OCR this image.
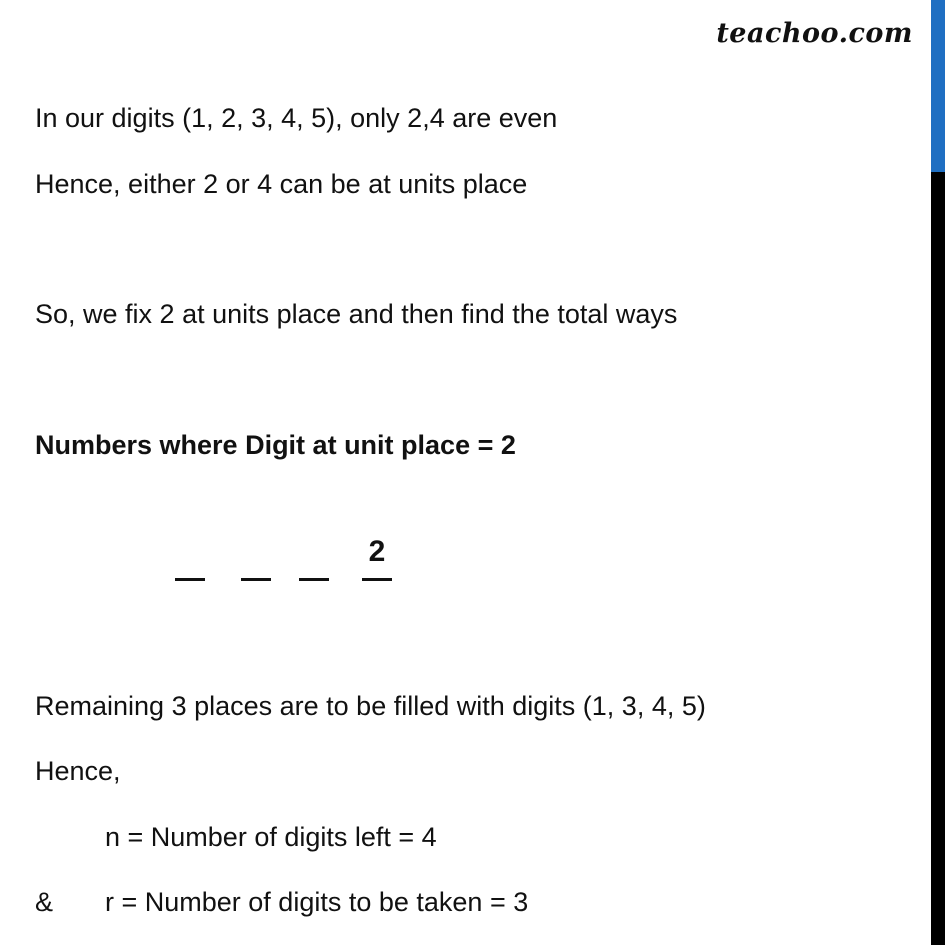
teachoo.com
In our digits (1, 2, 3, 4, 5), only 2,4 are even
Hence, either 2 or 4 can be at units place
So, we fix 2 at units place and then find the total ways
Numbers where Digit at unit place = 2
2
Remaining 3 places are to be filled with digits (1, 3, 4, 5)
Hence,
n = Number of digits left = 4
& r = Number of digits to be taken = 3
